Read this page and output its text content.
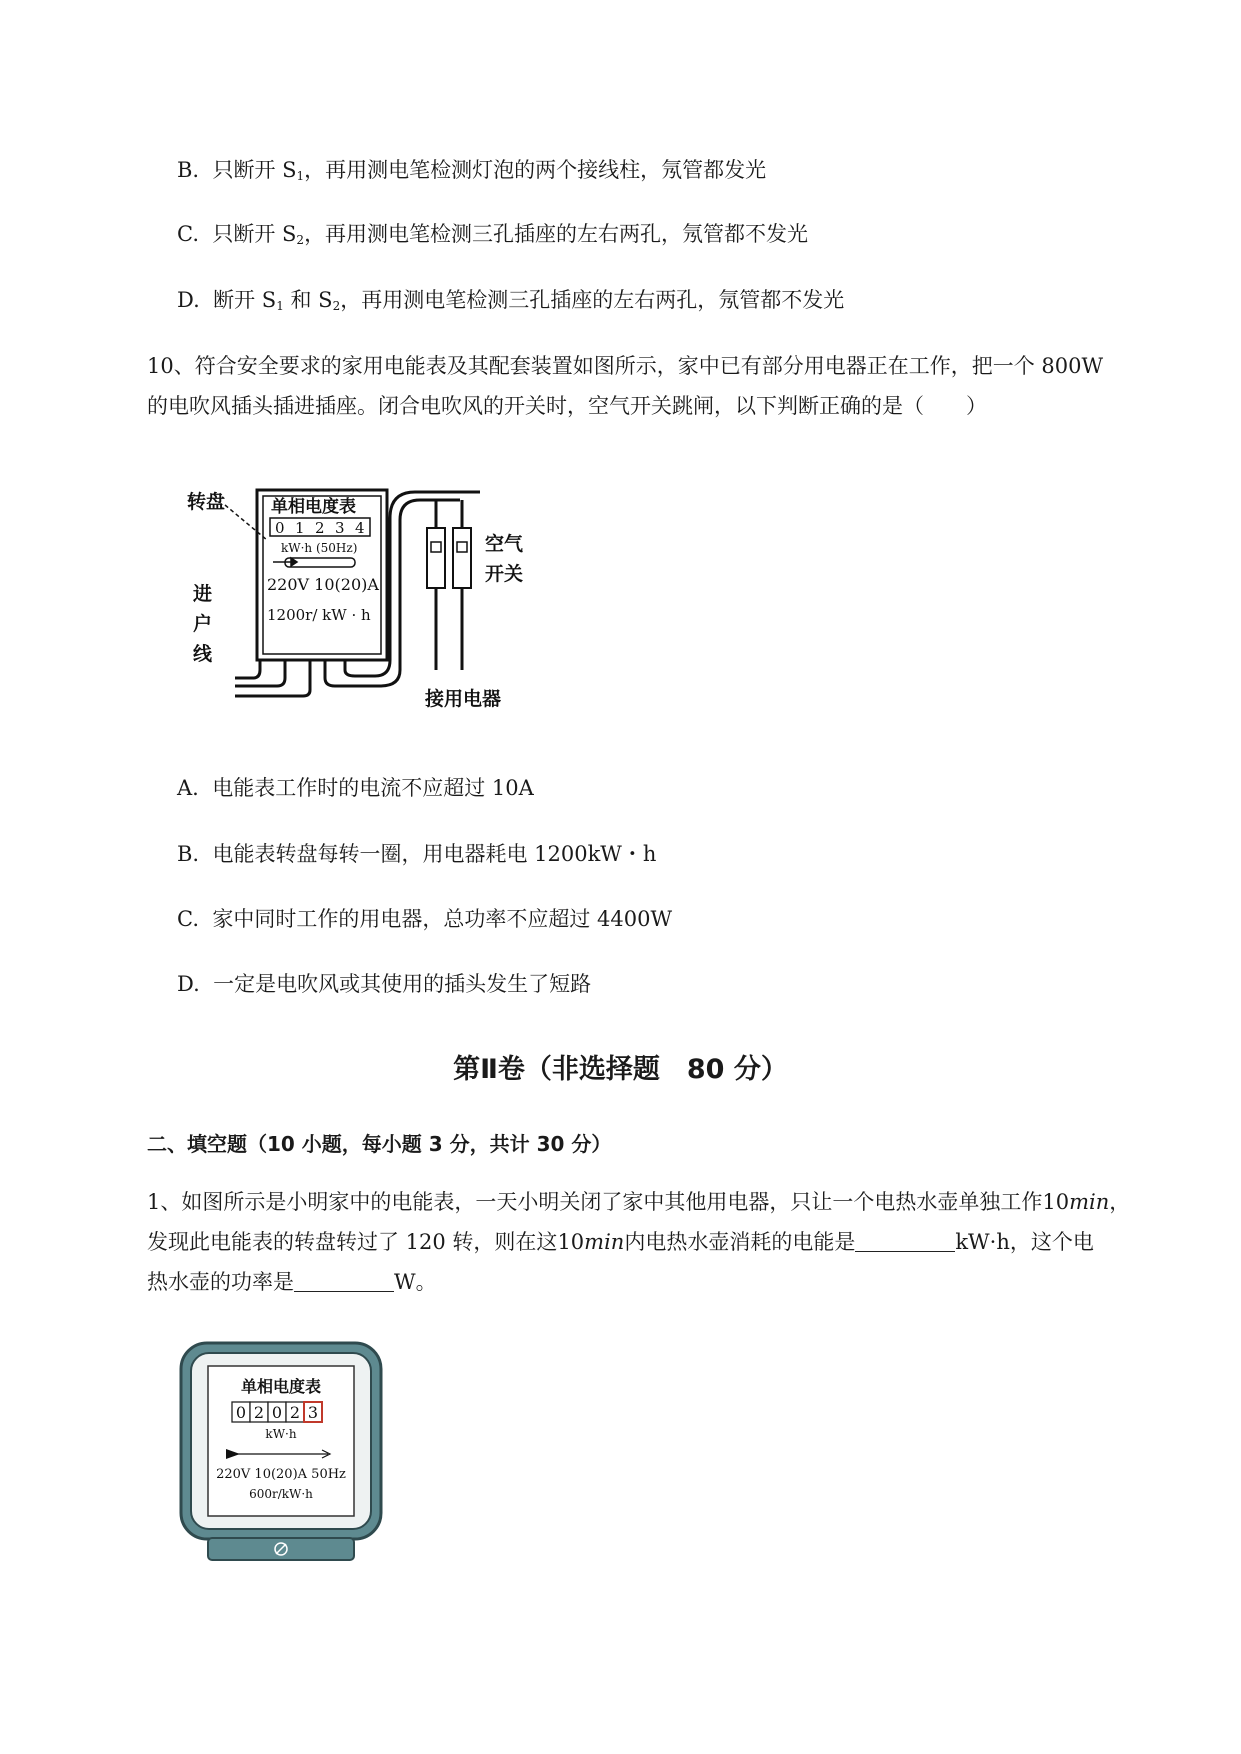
B. 只断开 $S_1$，再用测电笔检测灯泡的两个接线柱，氖管都发光
C. 只断开 $S_2$，再用测电笔检测三孔插座的左右两孔，氖管都不发光
D. 断开 $S_1$ 和 $S_2$，再用测电笔检测三孔插座的左右两孔，氖管都不发光
10、符合安全要求的家用电能表及其配套装置如图所示，家中已有部分用电器正在工作，把一个 800W
的电吹风插头插进插座。闭合电吹风的开关时，空气开关跳闸，以下判断正确的是（　　）
转盘	单相电度表
0 1 2 3 4
kW·h (50Hz)
220V 10(20)A
1200r/ kW · h
进
户
线
空气
开关
接用电器
A. 电能表工作时的电流不应超过 10A
B. 电能表转盘每转一圈，用电器耗电 1200kW・h
C. 家中同时工作的用电器，总功率不应超过 4400W
D. 一定是电吹风或其使用的插头发生了短路
第Ⅱ卷（非选择题　80 分）
二、填空题（10 小题，每小题 3 分，共计 30 分）
1、如图所示是小明家中的电能表，一天小明关闭了家中其他用电器，只让一个电热水壶单独工作10min，
发现此电能表的转盘转过了 120 转，则在这10min内电热水壶消耗的电能是	kW·h，这个电
热水壶的功率是	W。
单相电度表
0 2 0 2 3
kW·h
220V 10(20)A 50Hz
600r/kW·h
